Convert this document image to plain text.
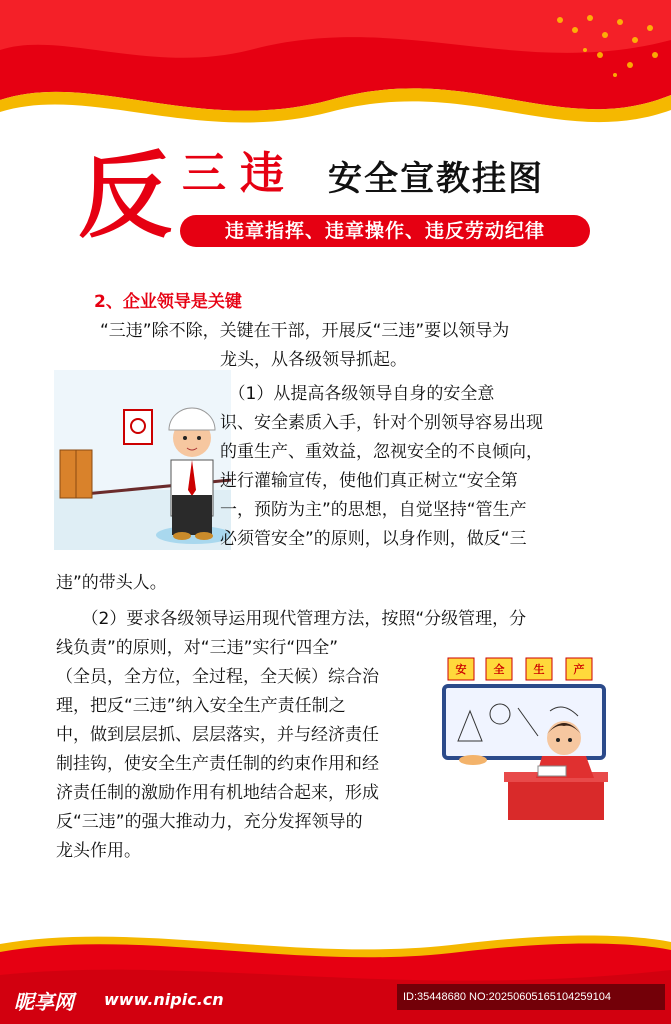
反 三违 安全宣教挂图
违章指挥、违章操作、违反劳动纪律
2、企业领导是关键
“三违”除不除，关键在干部，开展反“三违”要以领导为
龙头，从各级领导抓起。
　（1）从提高各级领导自身的安全意
识、安全素质入手，针对个别领导容易出现
的重生产、重效益，忽视安全的不良倾向，
进行灌输宣传，使他们真正树立“安全第
一，预防为主”的思想，自觉坚持“管生产
必须管安全”的原则，以身作则，做反“三
违”的带头人。
　　（2）要求各级领导运用现代管理方法，按照“分级管理，分
线负责”的原则，对“三违”实行“四全”
（全员，全方位，全过程，全天候）综合治
理，把反“三违”纳入安全生产责任制之
中，做到层层抓、层层落实，并与经济责任
制挂钩，使安全生产责任制的约束作用和经
济责任制的激励作用有机地结合起来，形成
反“三违”的强大推动力，充分发挥领导的
龙头作用。
安 全	生	产
昵享网 www.nipic.cn	ID:35448680 NO:20250605165104259104
